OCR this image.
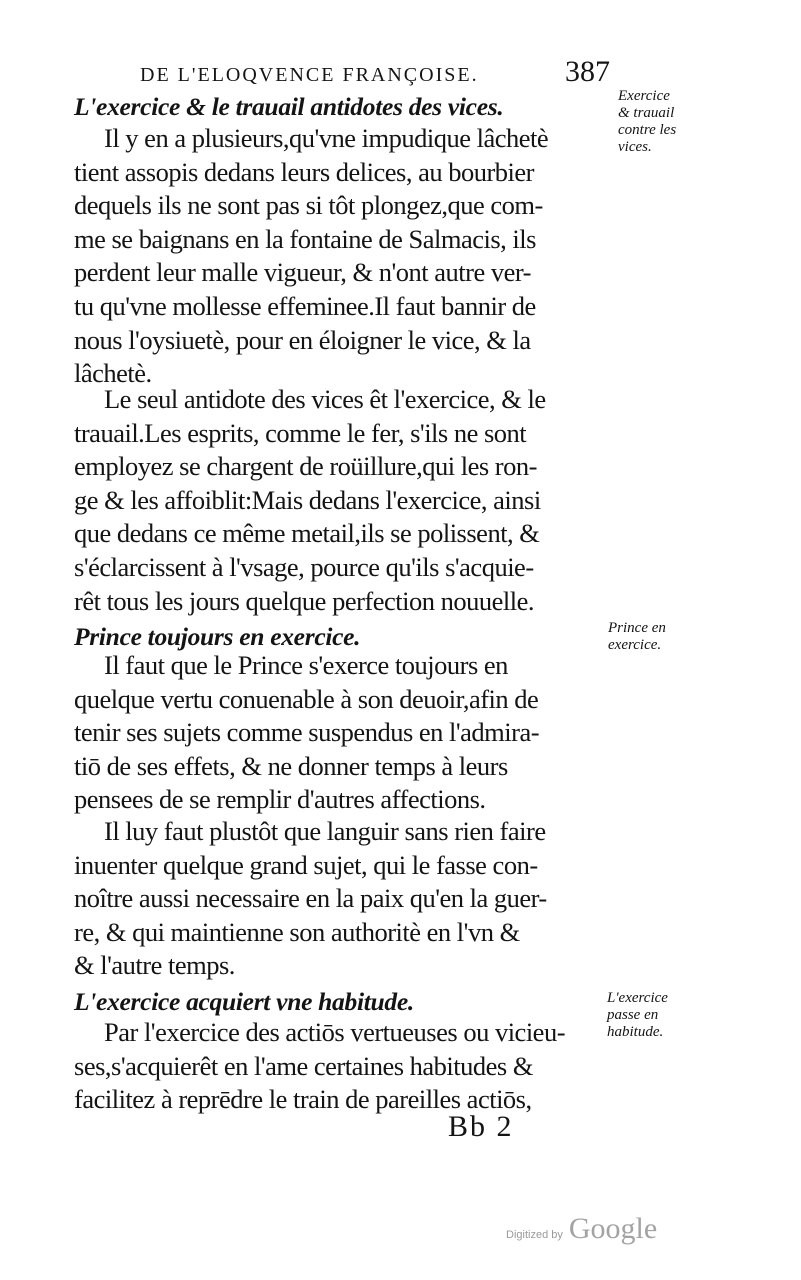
DE L'ELOQVENCE FRANÇOISE.	387
L'exercice & le trauail antidotes des vices.
Il y en a plusieurs,qu'vne impudique lâchetè
tient assopis dedans leurs delices, au bourbier
dequels ils ne sont pas si tôt plongez,que com-
me se baignans en la fontaine de Salmacis, ils
perdent leur malle vigueur, & n'ont autre ver-
tu qu'vne mollesse effeminee.Il faut bannir de
nous l'oysiuetè, pour en éloigner le vice, & la
lâchetè.
Le seul antidote des vices êt l'exercice, & le
trauail.Les esprits, comme le fer, s'ils ne sont
employez se chargent de roüillure,qui les ron-
ge & les affoiblit:Mais dedans l'exercice, ainsi
que dedans ce même metail,ils se polissent, &
s'éclarcissent à l'vsage, pource qu'ils s'acquie-
rêt tous les jours quelque perfection nouuelle.
Prince toujours en exercice.
Il faut que le Prince s'exerce toujours en
quelque vertu conuenable à son deuoir,afin de
tenir ses sujets comme suspendus en l'admira-
tiō de ses effets, & ne donner temps à leurs
pensees de se remplir d'autres affections.
Il luy faut plustôt que languir sans rien faire
inuenter quelque grand sujet, qui le fasse con-
noître aussi necessaire en la paix qu'en la guer-
re, & qui maintienne son authoritè en l'vn &
& l'autre temps.
L'exercice acquiert vne habitude.
Par l'exercice des actiōs vertueuses ou vicieu-
ses,s'acquierêt en l'ame certaines habitudes &
facilitez à reprēdre le train de pareilles actiōs,
Exercice
& trauail
contre les
vices.
Prince en
exercice.
L'exercice
passe en
habitude.
Bb 2
Digitized by Google
